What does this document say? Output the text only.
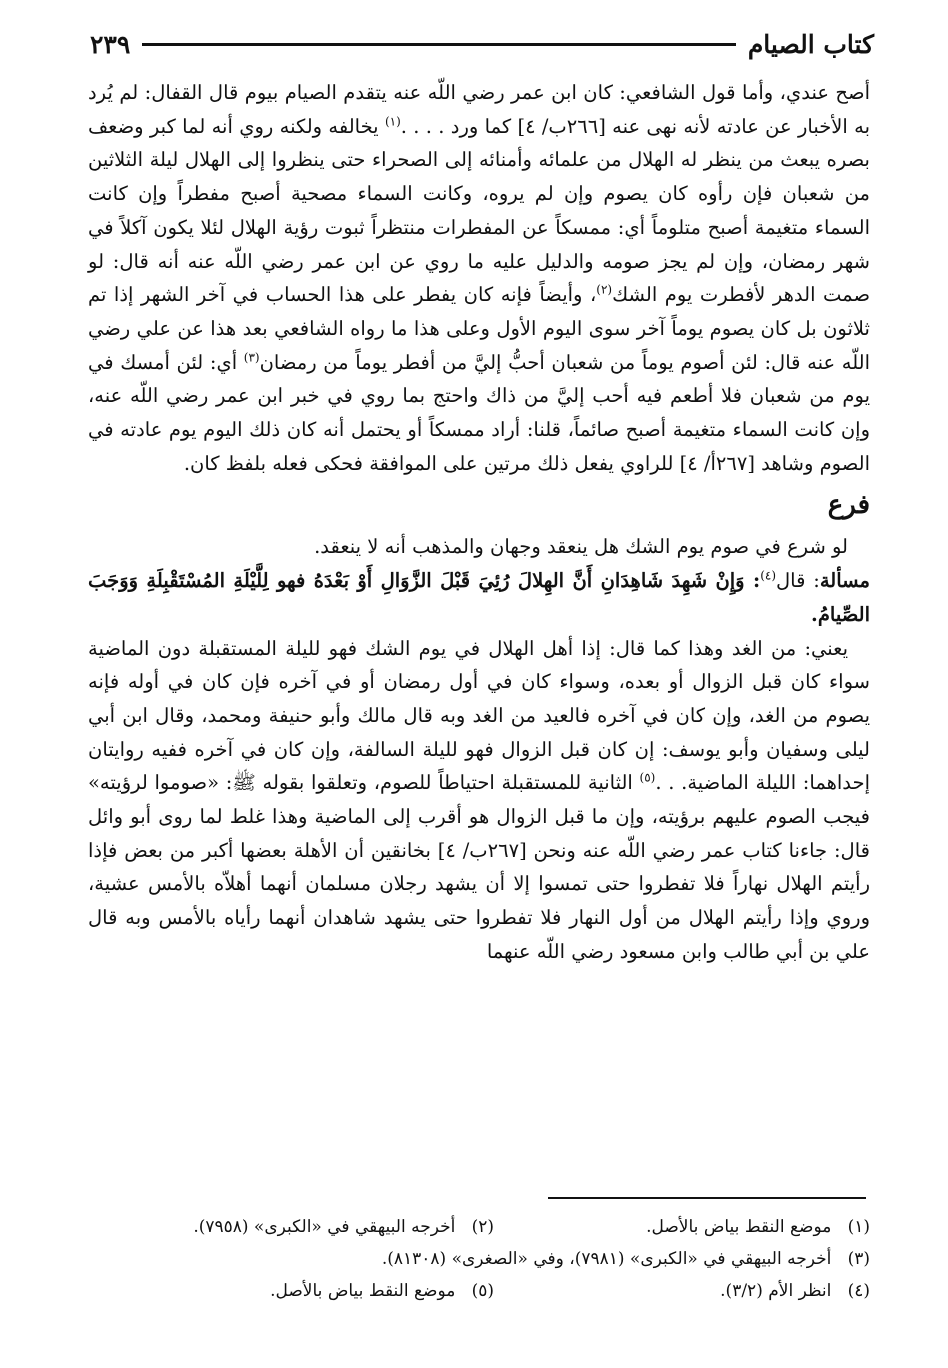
كتاب الصيام
٢٣٩

أصح عندي، وأما قول الشافعي: كان ابن عمر رضي اللّه عنه يتقدم الصيام بيوم قال القفال: لم يُرد به الأخبار عن عادته لأنه نهى عنه [٢٦٦ب/ ٤] كما ورد . . . .$^{(١)}$ يخالفه ولكنه روي أنه لما كبر وضعف بصره يبعث من ينظر له الهلال من علمائه وأمنائه إلى الصحراء حتى ينظروا إلى الهلال ليلة الثلاثين من شعبان فإن رأوه كان يصوم وإن لم يروه، وكانت السماء مصحية أصبح مفطراً وإن كانت السماء متغيمة أصبح متلوماً أي: ممسكاً عن المفطرات منتظراً ثبوت رؤية الهلال لئلا يكون آكلاً في شهر رمضان، وإن لم يجز صومه والدليل عليه ما روي عن ابن عمر رضي اللّه عنه أنه قال: لو صمت الدهر لأفطرت يوم الشك$^{(٢)}$، وأيضاً فإنه كان يفطر على هذا الحساب في آخر الشهر إذا تم ثلاثون بل كان يصوم يوماً آخر سوى اليوم الأول وعلى هذا ما رواه الشافعي بعد هذا عن علي رضي اللّه عنه قال: لئن أصوم يوماً من شعبان أحبُّ إليَّ من أفطر يوماً من رمضان$^{(٣)}$ أي: لئن أمسك في يوم من شعبان فلا أطعم فيه أحب إليَّ من ذاك واحتج بما روي في خبر ابن عمر رضي اللّه عنه، وإن كانت السماء متغيمة أصبح صائماً، قلنا: أراد ممسكاً أو يحتمل أنه كان ذلك اليوم يوم عادته في الصوم وشاهد [٢٦٧أ/ ٤] للراوي يفعل ذلك مرتين على الموافقة فحكى فعله بلفظ كان.

فرع

لو شرع في صوم يوم الشك هل ينعقد وجهان والمذهب أنه لا ينعقد.

مسألة: قال$^{(٤)}$: وَإِنْ شَهِدَ شَاهِدَانِ أَنَّ الهِلالَ رُئِيَ قَبْلَ الزَّوَالِ أَوْ بَعْدَهُ فهو لِلَّيْلَةِ المُسْتَقْبِلَةِ وَوَجَبَ الصِّيامُ.

يعني: من الغد وهذا كما قال: إذا أهل الهلال في يوم الشك فهو لليلة المستقبلة دون الماضية سواء كان قبل الزوال أو بعده، وسواء كان في أول رمضان أو في آخره فإن كان في أوله فإنه يصوم من الغد، وإن كان في آخره فالعيد من الغد وبه قال مالك وأبو حنيفة ومحمد، وقال ابن أبي ليلى وسفيان وأبو يوسف: إن كان قبل الزوال فهو لليلة السالفة، وإن كان في آخره ففيه روايتان إحداهما: الليلة الماضية. . .$^{(٥)}$ الثانية للمستقبلة احتياطاً للصوم، وتعلقوا بقوله ﷺ: «صوموا لرؤيته» فيجب الصوم عليهم برؤيته، وإن ما قبل الزوال هو أقرب إلى الماضية وهذا غلط لما روى أبو وائل قال: جاءنا كتاب عمر رضي اللّه عنه ونحن [٢٦٧ب/ ٤] بخانقين أن الأهلة بعضها أكبر من بعض فإذا رأيتم الهلال نهاراً فلا تفطروا حتى تمسوا إلا أن يشهد رجلان مسلمان أنهما أهلاّه بالأمس عشية، وروي وإذا رأيتم الهلال من أول النهار فلا تفطروا حتى يشهد شاهدان أنهما رأياه بالأمس وبه قال علي بن أبي طالب وابن مسعود رضي اللّه عنهما

(١)   موضع النقط بياض بالأصل.
(٢)   أخرجه البيهقي في «الكبرى» (٧٩٥٨).
(٣)   أخرجه البيهقي في «الكبرى» (٧٩٨١)، وفي «الصغرى» (٨١٣٠٨).
(٤)   انظر الأم (٣/٢).
(٥)   موضع النقط بياض بالأصل.
